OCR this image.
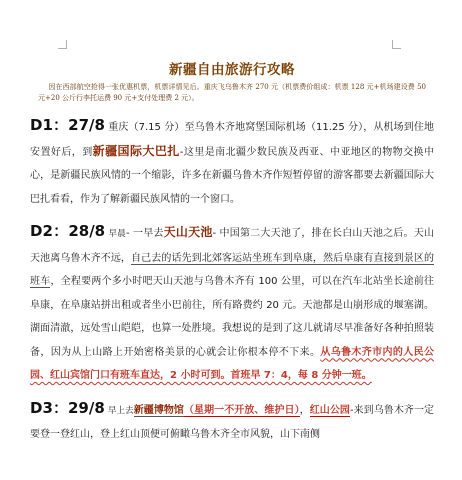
新疆自由旅游行攻略
因在西部航空抢得一张优惠机票，机票详情见后。重庆飞乌鲁木齐 270 元（机票费价组成：机票 128 元+机场建设费 50 元+20 公斤行李托运费 90 元+支付处理费 2 元）。
D1：27/8 重庆（7.15 分）至乌鲁木齐地窝堡国际机场（11.25 分），从机场到住地安置好后，到新疆国际大巴扎-这里是南北疆少数民族及西亚、中亚地区的物物交换中心，是新疆民族风情的一个缩影，许多在新疆乌鲁木齐作短暂停留的游客都要去新疆国际大巴扎看看，作为了解新疆民族风情的一个窗口。
D2：28/8 早晨- 一早去天山天池- 中国第二大天池了，排在长白山天池之后。天山天池离乌鲁木齐不远，自己去的话先到北郊客运站坐班车到阜康，然后阜康有直接到景区的班车，全程要两个多小时吧天山天池与乌鲁木齐有 100 公里，可以在汽车北站坐长途前往阜康，在阜康站拼出租或者坐小巴前往，所有路费约 20 元。天池都是山崩形成的堰塞湖。湖面清澈，远处雪山皑皑，也算一处胜境。我想说的是到了这儿就请尽早准备好各种拍照装备，因为从上山路上开始密格美景的心就会让你根本停不下来。从乌鲁木齐市内的人民公园、红山宾馆门口有班车直达，2 小时可到。首班早 7：4，每 8 分钟一班。
D3：29/8 早上去新疆博物馆（星期一不开放、维护日），红山公园-来到乌鲁木齐一定要登一登红山，登上红山顶便可俯瞰乌鲁木齐全市风貌，山下南侧
